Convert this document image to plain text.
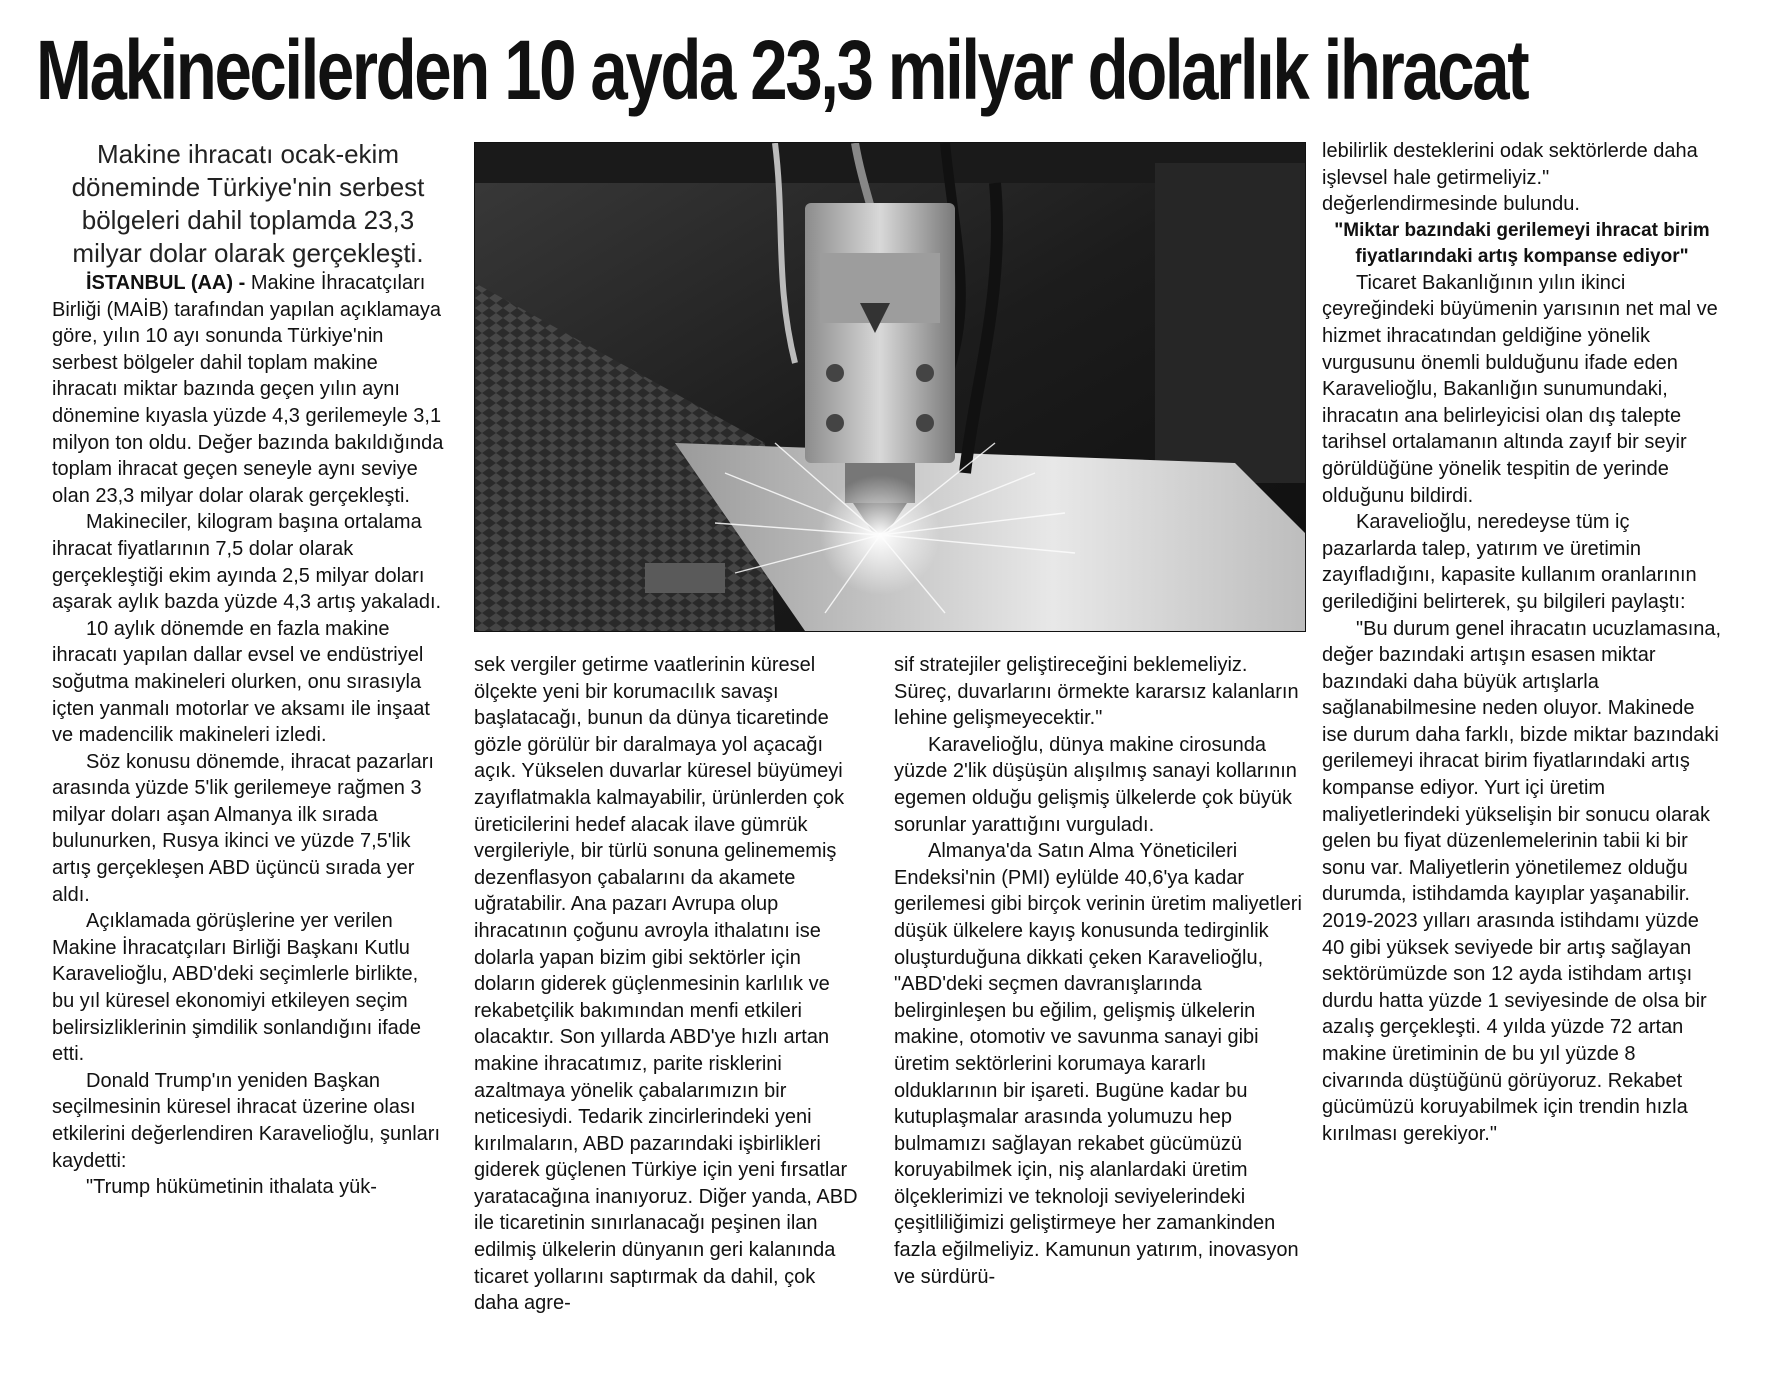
Makinecilerden 10 ayda 23,3 milyar dolarlık ihracat

Makine ihracatı ocak-ekim döneminde Türkiye'nin serbest bölgeleri dahil toplamda 23,3 milyar dolar olarak gerçekleşti.

İSTANBUL (AA) - Makine İhracatçıları Birliği (MAİB) tarafından yapılan açıklamaya göre, yılın 10 ayı sonunda Türkiye'nin serbest bölgeler dahil toplam makine ihracatı miktar bazında geçen yılın aynı dönemine kıyasla yüzde 4,3 gerilemeyle 3,1 milyon ton oldu. Değer bazında bakıldığında toplam ihracat geçen seneyle aynı seviye olan 23,3 milyar dolar olarak gerçekleşti.

Makineciler, kilogram başına ortalama ihracat fiyatlarının 7,5 dolar olarak gerçekleştiği ekim ayında 2,5 milyar doları aşarak aylık bazda yüzde 4,3 artış yakaladı.

10 aylık dönemde en fazla makine ihracatı yapılan dallar evsel ve endüstriyel soğutma makineleri olurken, onu sırasıyla içten yanmalı motorlar ve aksamı ile inşaat ve madencilik makineleri izledi.

Söz konusu dönemde, ihracat pazarları arasında yüzde 5'lik gerilemeye rağmen 3 milyar doları aşan Almanya ilk sırada bulunurken, Rusya ikinci ve yüzde 7,5'lik artış gerçekleşen ABD üçüncü sırada yer aldı.

Açıklamada görüşlerine yer verilen Makine İhracatçıları Birliği Başkanı Kutlu Karavelioğlu, ABD'deki seçimlerle birlikte, bu yıl küresel ekonomiyi etkileyen seçim belirsizliklerinin şimdilik sonlandığını ifade etti.

Donald Trump'ın yeniden Başkan seçilmesinin küresel ihracat üzerine olası etkilerini değerlendiren Karavelioğlu, şunları kaydetti:

"Trump hükümetinin ithalata yük-

sek vergiler getirme vaatlerinin küresel ölçekte yeni bir korumacılık savaşı başlatacağı, bunun da dünya ticaretinde gözle görülür bir daralmaya yol açacağı açık. Yükselen duvarlar küresel büyümeyi zayıflatmakla kalmayabilir, ürünlerden çok üreticilerini hedef alacak ilave gümrük vergileriyle, bir türlü sonuna gelinememiş dezenflasyon çabalarını da akamete uğratabilir. Ana pazarı Avrupa olup ihracatının çoğunu avroyla ithalatını ise dolarla yapan bizim gibi sektörler için doların giderek güçlenmesinin karlılık ve rekabetçilik bakımından menfi etkileri olacaktır. Son yıllarda ABD'ye hızlı artan makine ihracatımız, parite risklerini azaltmaya yönelik çabalarımızın bir neticesiydi. Tedarik zincirlerindeki yeni kırılmaların, ABD pazarındaki işbirlikleri giderek güçlenen Türkiye için yeni fırsatlar yaratacağına inanıyoruz. Diğer yanda, ABD ile ticaretinin sınırlanacağı peşinen ilan edilmiş ülkelerin dünyanın geri kalanında ticaret yollarını saptırmak da dahil, çok daha agre-

sif stratejiler geliştireceğini beklemeliyiz. Süreç, duvarlarını örmekte kararsız kalanların lehine gelişmeyecektir."

Karavelioğlu, dünya makine cirosunda yüzde 2'lik düşüşün alışılmış sanayi kollarının egemen olduğu gelişmiş ülkelerde çok büyük sorunlar yarattığını vurguladı.

Almanya'da Satın Alma Yöneticileri Endeksi'nin (PMI) eylülde 40,6'ya kadar gerilemesi gibi birçok verinin üretim maliyetleri düşük ülkelere kayış konusunda tedirginlik oluşturduğuna dikkati çeken Karavelioğlu, "ABD'deki seçmen davranışlarında belirginleşen bu eğilim, gelişmiş ülkelerin makine, otomotiv ve savunma sanayi gibi üretim sektörlerini korumaya kararlı olduklarının bir işareti. Bugüne kadar bu kutuplaşmalar arasında yolumuzu hep bulmamızı sağlayan rekabet gücümüzü koruyabilmek için, niş alanlardaki üretim ölçeklerimizi ve teknoloji seviyelerindeki çeşitliliğimizi geliştirmeye her zamankinden fazla eğilmeliyiz. Kamunun yatırım, inovasyon ve sürdürü-

lebilirlik desteklerini odak sektörlerde daha işlevsel hale getirmeliyiz." değerlendirmesinde bulundu.

"Miktar bazındaki gerilemeyi ihracat birim fiyatlarındaki artış kompanse ediyor"

Ticaret Bakanlığının yılın ikinci çeyreğindeki büyümenin yarısının net mal ve hizmet ihracatından geldiğine yönelik vurgusunu önemli bulduğunu ifade eden Karavelioğlu, Bakanlığın sunumundaki, ihracatın ana belirleyicisi olan dış talepte tarihsel ortalamanın altında zayıf bir seyir görüldüğüne yönelik tespitin de yerinde olduğunu bildirdi.

Karavelioğlu, neredeyse tüm iç pazarlarda talep, yatırım ve üretimin zayıfladığını, kapasite kullanım oranlarının gerilediğini belirterek, şu bilgileri paylaştı:

"Bu durum genel ihracatın ucuzlamasına, değer bazındaki artışın esasen miktar bazındaki daha büyük artışlarla sağlanabilmesine neden oluyor. Makinede ise durum daha farklı, bizde miktar bazındaki gerilemeyi ihracat birim fiyatlarındaki artış kompanse ediyor. Yurt içi üretim maliyetlerindeki yükselişin bir sonucu olarak gelen bu fiyat düzenlemelerinin tabii ki bir sonu var. Maliyetlerin yönetilemez olduğu durumda, istihdamda kayıplar yaşanabilir. 2019-2023 yılları arasında istihdamı yüzde 40 gibi yüksek seviyede bir artış sağlayan sektörümüzde son 12 ayda istihdam artışı durdu hatta yüzde 1 seviyesinde de olsa bir azalış gerçekleşti. 4 yılda yüzde 72 artan makine üretiminin de bu yıl yüzde 8 civarında düştüğünü görüyoruz. Rekabet gücümüzü koruyabilmek için trendin hızla kırılması gerekiyor."
